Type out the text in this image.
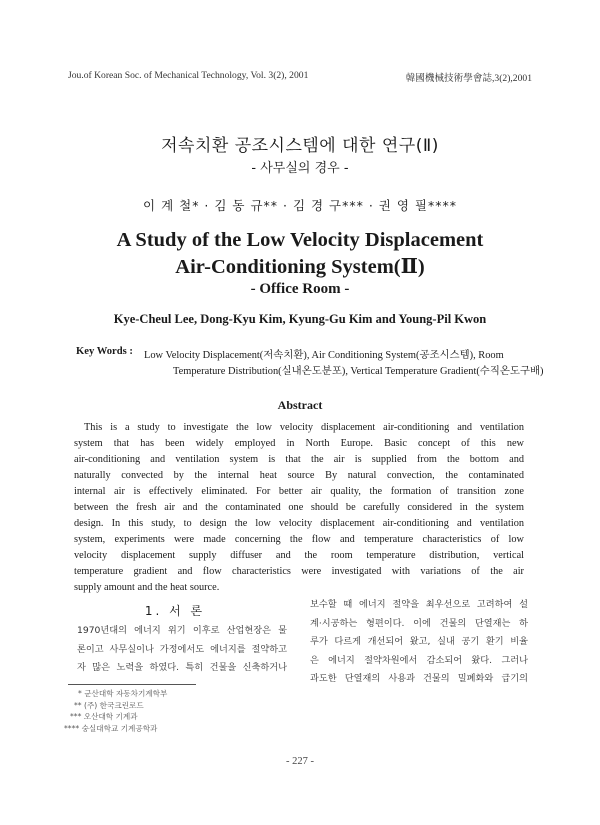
Jou.of Korean Soc. of Mechanical Technology, Vol. 3(2), 2001	韓國機械技術學會誌,3(2),2001
저속치환 공조시스템에 대한 연구(Ⅱ)
- 사무실의 경우 -
이 계 철* · 김 동 규** · 김 경 구*** · 권 영 필****
A Study of the Low Velocity Displacement
Air-Conditioning System(Ⅱ)
- Office Room -
Kye-Cheul Lee, Dong-Kyu Kim, Kyung-Gu Kim and Young-Pil Kwon
Key Words : Low Velocity Displacement(저속치환), Air Conditioning System(공조시스템), Room
Temperature Distribution(실내온도분포), Vertical Temperature Gradient(수직온도구배)
Abstract
This is a study to investigate the low velocity displacement air-conditioning and ventilation
system that has been widely employed in North Europe. Basic concept of this new
air-conditioning and ventilation system is that the air is supplied from the bottom and
naturally convected by the internal heat source By natural convection, the contaminated
internal air is effectively eliminated. For better air quality, the formation of transition zone
between the fresh air and the contaminated one should be carefully considered in the system
design. In this study, to design the low velocity displacement air-conditioning and ventilation
system, experiments were made concerning the flow and temperature characteristics of low
velocity displacement supply diffuser and the room temperature distribution, vertical
temperature gradient and flow characteristics were investigated with variations of the air
supply amount and the heat source.
1. 서 론
1970년대의 에너지 위기 이후로 산업현장은 물
론이고 사무실이나 가정에서도 에너지를 절약하고
자 많은 노력을 하였다. 특히 건물을 신축하거나
보수할 때 에너지 절약을 최우선으로 고려하여 설
계·시공하는 형편이다. 이에 건물의 단열재는 하
루가 다르게 개선되어 왔고, 실내 공기 환기 비율
은 에너지 절약차원에서 감소되어 왔다. 그러나
과도한 단열재의 사용과 건물의 밀폐화와 급기의
* 군산대학 자동차기계학부
** (주) 한국크린로드
*** 오산대학 기계과
**** 숭실대학교 기계공학과
- 227 -
